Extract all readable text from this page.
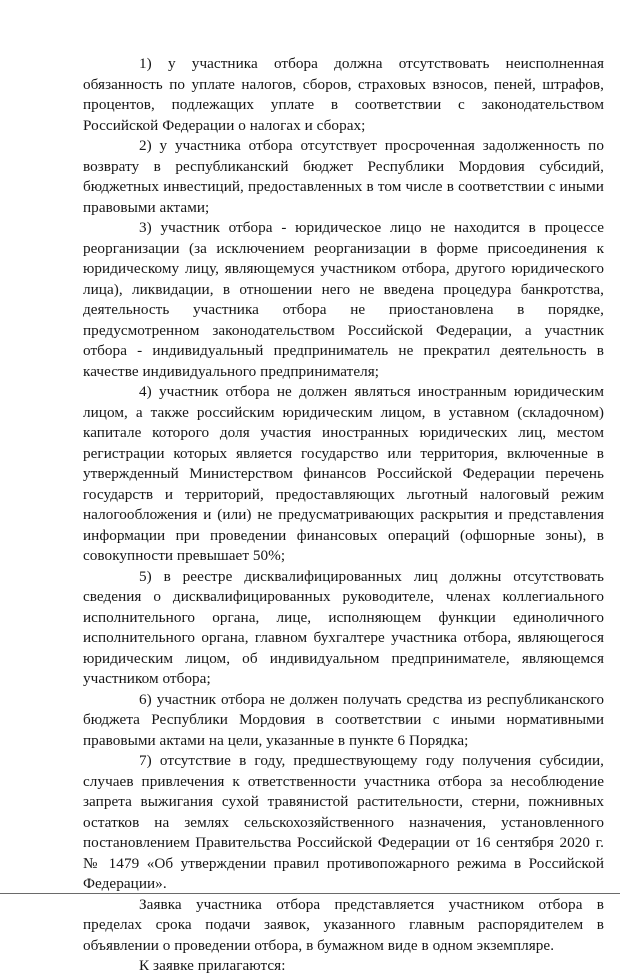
1) у участника отбора должна отсутствовать неисполненная обязанность по уплате налогов, сборов, страховых взносов, пеней, штрафов, процентов, подлежащих уплате в соответствии с законодательством Российской Федерации о налогах и сборах;

2) у участника отбора отсутствует просроченная задолженность по возврату в республиканский бюджет Республики Мордовия субсидий, бюджетных инвестиций, предоставленных в том числе в соответствии с иными правовыми актами;

3) участник отбора - юридическое лицо не находится в процессе реорганизации (за исключением реорганизации в форме присоединения к юридическому лицу, являющемуся участником отбора, другого юридического лица), ликвидации, в отношении него не введена процедура банкротства, деятельность участника отбора не приостановлена в порядке, предусмотренном законодательством Российской Федерации, а участник отбора - индивидуальный предприниматель не прекратил деятельность в качестве индивидуального предпринимателя;

4) участник отбора не должен являться иностранным юридическим лицом, а также российским юридическим лицом, в уставном (складочном) капитале которого доля участия иностранных юридических лиц, местом регистрации которых является государство или территория, включенные в утвержденный Министерством финансов Российской Федерации перечень государств и территорий, предоставляющих льготный налоговый режим налогообложения и (или) не предусматривающих раскрытия и представления информации при проведении финансовых операций (офшорные зоны), в совокупности превышает 50%;

5) в реестре дисквалифицированных лиц должны отсутствовать сведения о дисквалифицированных руководителе, членах коллегиального исполнительного органа, лице, исполняющем функции единоличного исполнительного органа, главном бухгалтере участника отбора, являющегося юридическим лицом, об индивидуальном предпринимателе, являющемся участником отбора;

6) участник отбора не должен получать средства из республиканского бюджета Республики Мордовия в соответствии с иными нормативными правовыми актами на цели, указанные в пункте 6 Порядка;

7) отсутствие в году, предшествующему году получения субсидии, случаев привлечения к ответственности участника отбора за несоблюдение запрета выжигания сухой травянистой растительности, стерни, пожнивных остатков на землях сельскохозяйственного назначения, установленного постановлением Правительства Российской Федерации от 16 сентября 2020 г. № 1479 «Об утверждении правил противопожарного режима в Российской Федерации».

Заявка участника отбора представляется участником отбора в пределах срока подачи заявок, указанного главным распорядителем в объявлении о проведении отбора, в бумажном виде в одном экземпляре.

К заявке прилагаются:
